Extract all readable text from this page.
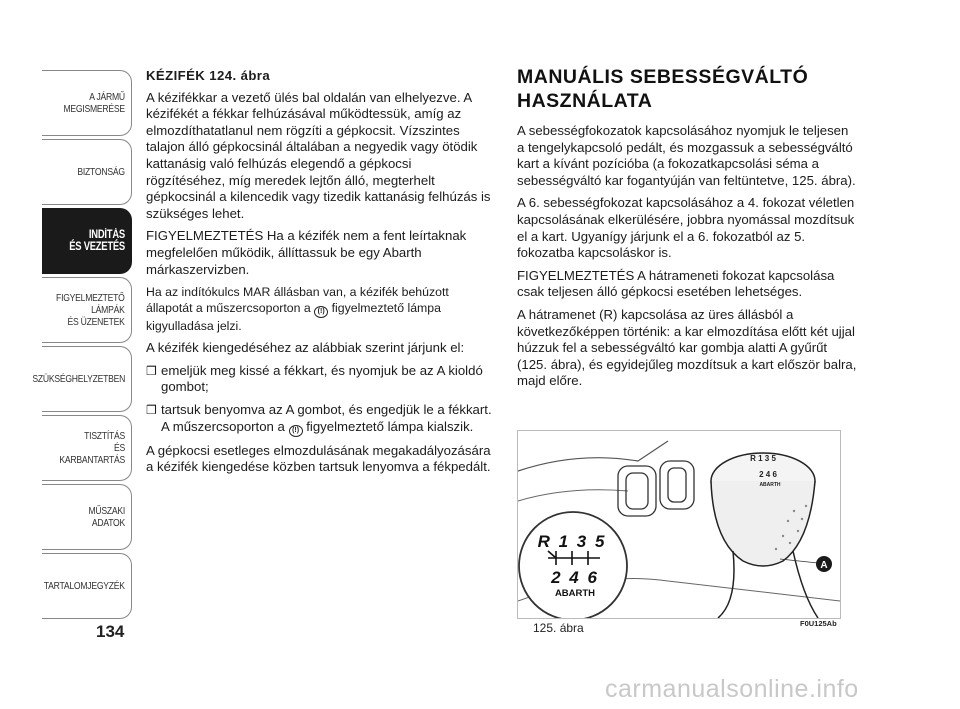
A JÁRMŰ
MEGISMERÉSE
BIZTONSÁG
INDÍTÁS
ÉS VEZETÉS
FIGYELMEZTETŐ
LÁMPÁK
ÉS ÜZENETEK
SZÜKSÉGHELYZETBEN
TISZTÍTÁS
ÉS KARBANTARTÁS
MŰSZAKI ADATOK
TARTALOMJEGYZÉK
134

KÉZIFÉK 124. ábra

A kézifékkar a vezető ülés bal oldalán van elhelyezve. A kézifékét a fékkar felhúzásával működtessük, amíg az elmozdíthatatlanul nem rögzíti a gépkocsit. Vízszintes talajon álló gépkocsinál általában a negyedik vagy ötödik kattanásig való felhúzás elegendő a gépkocsi rögzítéséhez, míg meredek lejtőn álló, megterhelt gépkocsinál a kilencedik vagy tizedik kattanásig felhúzás is szükséges lehet.

FIGYELMEZTETÉS Ha a kézifék nem a fent leírtaknak megfelelően működik, állíttassuk be egy Abarth márkaszervizben.

Ha az indítókulcs MAR állásban van, a kézifék behúzott állapotát a műszercsoporton a (!) figyelmeztető lámpa kigyulladása jelzi.

A kézifék kiengedéséhez az alábbiak szerint járjunk el:

❒ emeljük meg kissé a fékkart, és nyomjuk be az A kioldó gombot;
❒ tartsuk benyomva az A gombot, és engedjük le a fékkart. A műszercsoporton a (!) figyelmeztető lámpa kialszik.

A gépkocsi esetleges elmozdulásának megakadályozására a kézifék kiengedése közben tartsuk lenyomva a fékpedált.

MANUÁLIS SEBESSÉGVÁLTÓ HASZNÁLATA

A sebességfokozatok kapcsolásához nyomjuk le teljesen a tengelykapcsoló pedált, és mozgassuk a sebességváltó kart a kívánt pozícióba (a fokozatkapcsolási séma a sebességváltó kar fogantyúján van feltüntetve, 125. ábra).

A 6. sebességfokozat kapcsolásához a 4. fokozat véletlen kapcsolásának elkerülésére, jobbra nyomással mozdítsuk el a kart. Ugyanígy járjunk el a 6. fokozatból az 5. fokozatba kapcsoláskor is.

FIGYELMEZTETÉS A hátrameneti fokozat kapcsolása csak teljesen álló gépkocsi esetében lehetséges.

A hátramenet (R) kapcsolása az üres állásból a következőképpen történik: a kar elmozdítása előtt két ujjal húzzuk fel a sebességváltó kar gombja alatti A gyűrűt (125. ábra), és egyidejűleg mozdítsuk a kart először balra, majd előre.

R 1 3 5
2 4 6
ABARTH
R 1 3 5
2 4 6
ABARTH
A
125. ábra	F0U125Ab
carmanualsonline.info
